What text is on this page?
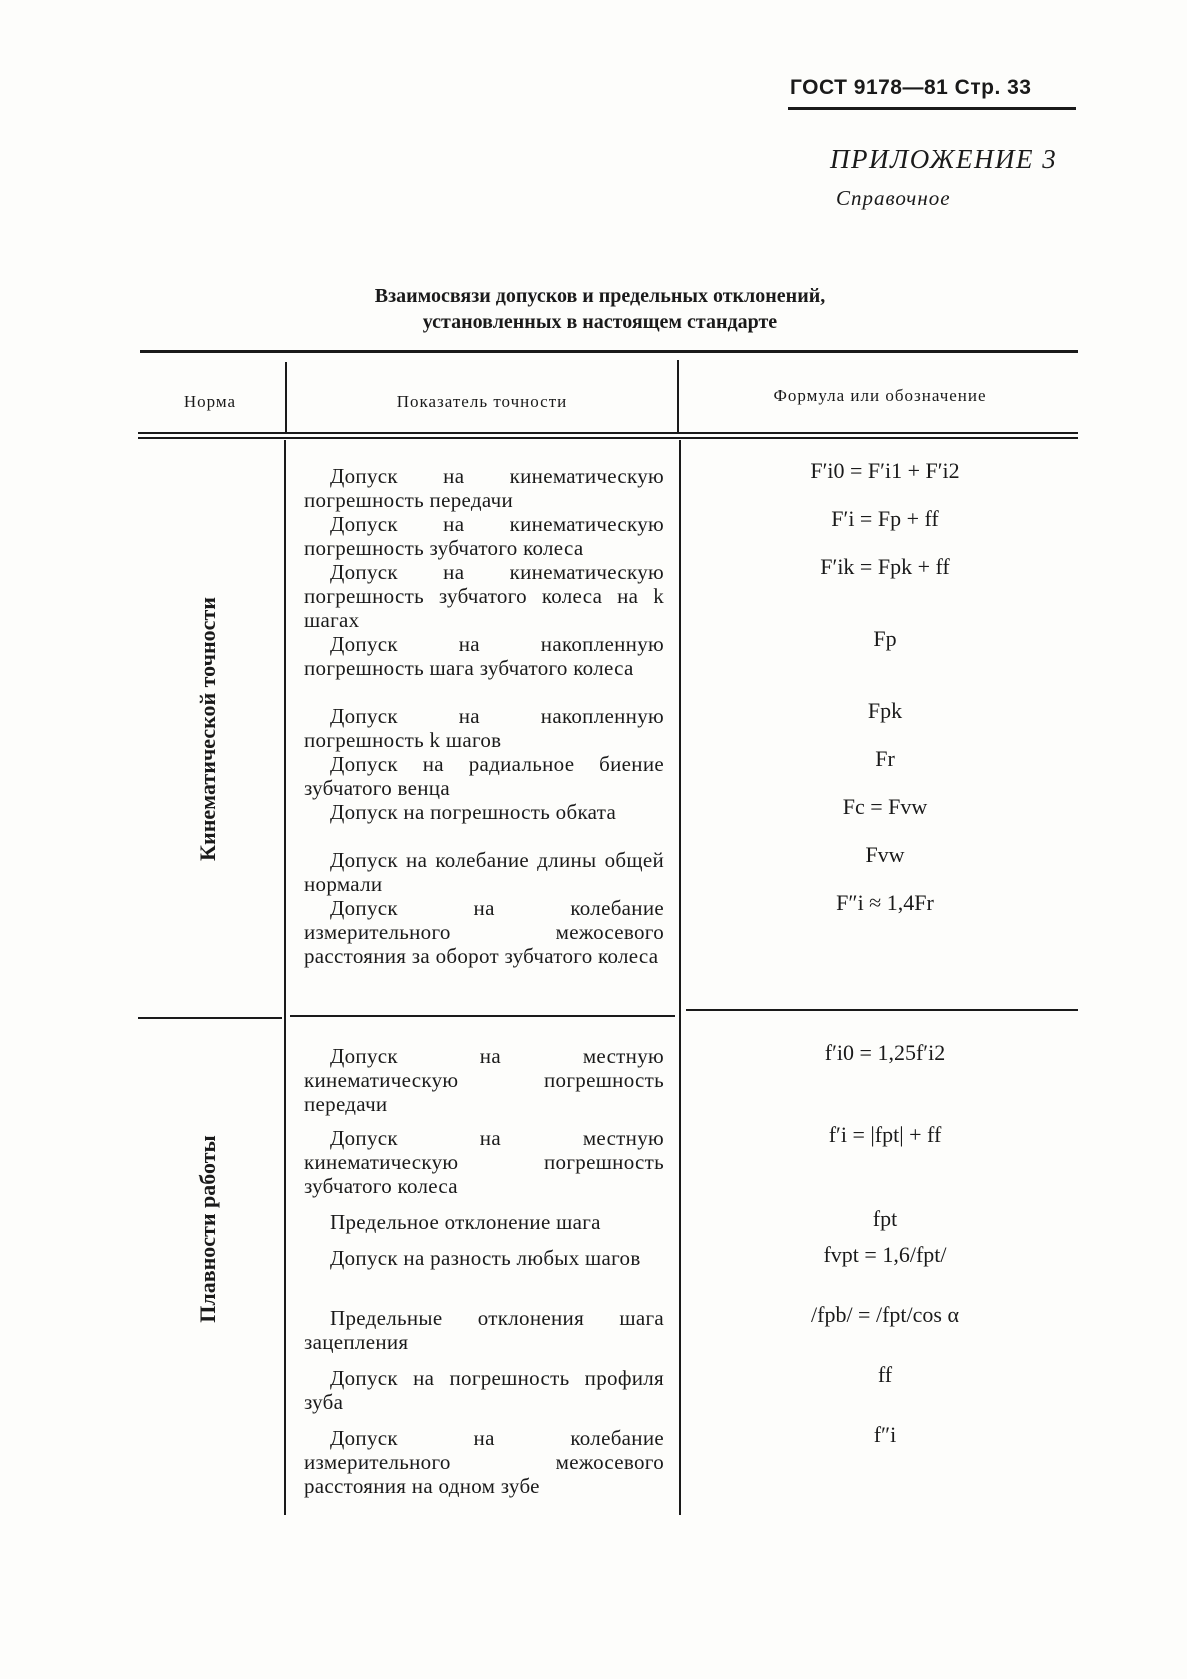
ГОСТ 9178—81 Стр. 33
ПРИЛОЖЕНИЕ 3
Справочное
Взаимосвязи допусков и предельных отклонений,
установленных в настоящем стандарте
Норма	Показатель точности	Формула или обозначение
Кинематической точности
Плавности работы
Допуск на кинематическую погрешность передачи
Допуск на кинематическую погрешность зубчатого колеса
Допуск на кинематическую погрешность зубчатого колеса на k шагах
Допуск на накопленную погрешность шага зубчатого колеса
Допуск на накопленную погрешность k шагов
Допуск на радиальное биение зубчатого венца
Допуск на погрешность обката
Допуск на колебание длины общей нормали
Допуск на колебание измерительного межосевого расстояния за оборот зубчатого колеса
F′i0 = F′i1 + F′i2
F′i = Fp + ff
F′ik = Fpk + ff
Fp
Fpk
Fr
Fc = Fvw
Fvw
F″i ≈ 1,4Fr
Допуск на местную кинематическую погрешность передачи
Допуск на местную кинематическую погрешность зубчатого колеса
Предельное отклонение шага
Допуск на разность любых шагов
Предельные отклонения шага зацепления
Допуск на погрешность профиля зуба
Допуск на колебание измерительного межосевого расстояния на одном зубе
f′i0 = 1,25f′i2
f′i = |fpt| + ff
fpt
fvpt = 1,6/fpt/
/fpb/ = /fpt/cos α
ff
f″i
